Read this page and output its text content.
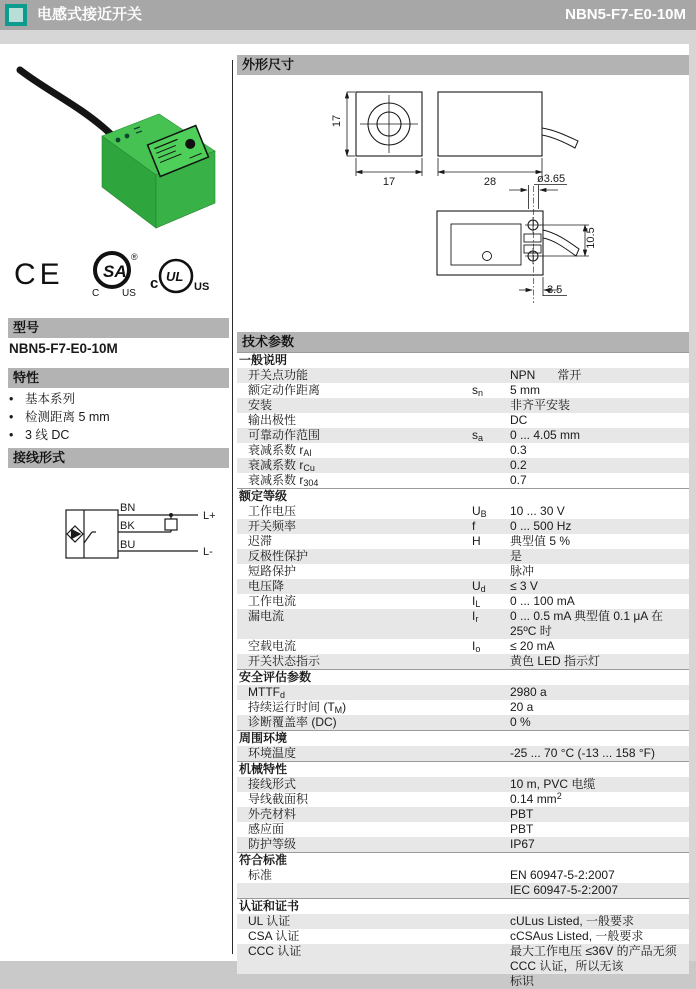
电感式接近开关	NBN5-F7-E0-10M
CE SA
®
C US
c UL
US
型号
NBN5-F7-E0-10M
特性
• 基本系列
• 检测距离 5 mm
• 3 线 DC
接线形式
BN
BK
BU
L+
L-
外形尺寸
17
17	28	ø3.65
10.5
3.5
技术参数
一般说明
开关点功能	NPN 常开
额定动作距离	$s_n$	5 mm
安装	非齐平安装
输出极性	DC
可靠动作范围	$s_a$	0 ... 4.05 mm
衰减系数 $r_{Al}$	0.3
衰减系数 $r_{Cu}$	0.2
衰减系数 $r_{304}$	0.7
额定等级
工作电压	$U_B$	10 ... 30 V
开关频率	f	0 ... 500 Hz
迟滞	H	典型值 5 %
反极性保护	是
短路保护	脉冲
电压降	$U_d$	≤ 3 V
工作电流	$I_L$	0 ... 100 mA
漏电流	$I_r$	0 ... 0.5 mA 典型值 0.1 μA 在 25ºC 时
空载电流	$I_o$	≤ 20 mA
开关状态指示	黄色 LED 指示灯
安全评估参数
$MTTF_d$	2980 a
持续运行时间 $(T_M)$	20 a
诊断覆盖率 (DC)	0 %
周围环境
环境温度	-25 ... 70 °C (-13 ... 158 °F)
机械特性
接线形式	10 m, PVC 电缆
导线截面积	0.14 $mm^2$
外壳材料	PBT
感应面	PBT
防护等级	IP67
符合标准
标准	EN 60947-5-2:2007
IEC 60947-5-2:2007
认证和证书
UL 认证	cULus Listed, 一般要求
CSA 认证	cCSAus Listed, 一般要求
CCC 认证	最大工作电压 ≤36V 的产品无须 CCC 认证，所以无该
标识
